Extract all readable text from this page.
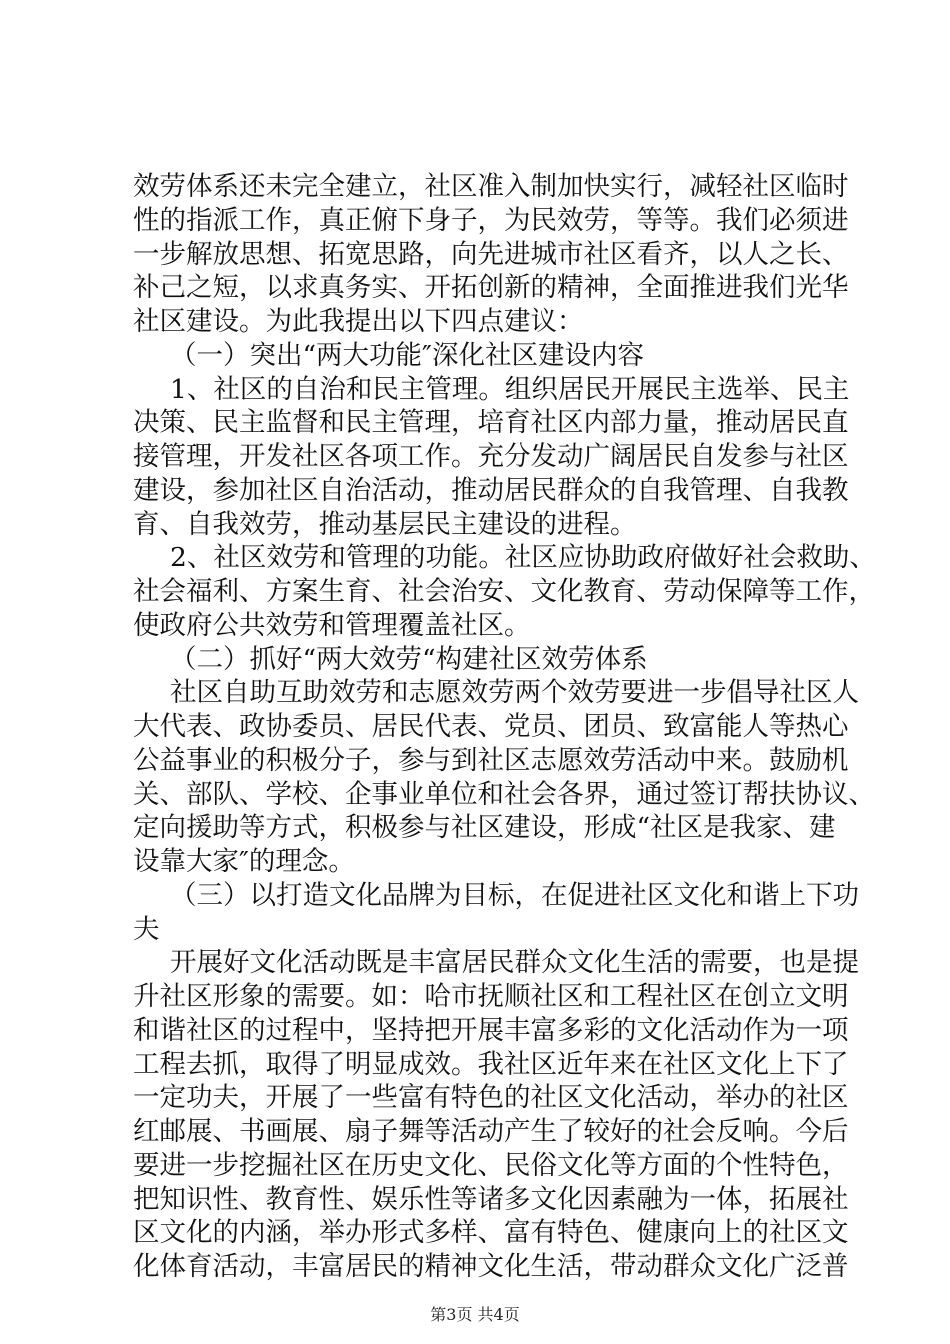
效劳体系还未完全建立，社区准入制加快实行，减轻社区临时
性的指派工作，真正俯下身子，为民效劳，等等。我们必须进
一步解放思想、拓宽思路，向先进城市社区看齐，以人之长、
补己之短，以求真务实、开拓创新的精神，全面推进我们光华
社区建设。为此我提出以下四点建议：
（一）突出“两大功能″深化社区建设内容
1、社区的自治和民主管理。组织居民开展民主选举、民主
决策、民主监督和民主管理，培育社区内部力量，推动居民直
接管理，开发社区各项工作。充分发动广阔居民自发参与社区
建设，参加社区自治活动，推动居民群众的自我管理、自我教
育、自我效劳，推动基层民主建设的进程。
2、社区效劳和管理的功能。社区应协助政府做好社会救助、
社会福利、方案生育、社会治安、文化教育、劳动保障等工作，
使政府公共效劳和管理覆盖社区。
（二）抓好“两大效劳“构建社区效劳体系
社区自助互助效劳和志愿效劳两个效劳要进一步倡导社区人
大代表、政协委员、居民代表、党员、团员、致富能人等热心
公益事业的积极分子，参与到社区志愿效劳活动中来。鼓励机
关、部队、学校、企事业单位和社会各界，通过签订帮扶协议、
定向援助等方式，积极参与社区建设，形成“社区是我家、建
设靠大家″的理念。
（三）以打造文化品牌为目标，在促进社区文化和谐上下功
夫
开展好文化活动既是丰富居民群众文化生活的需要，也是提
升社区形象的需要。如：哈市抚顺社区和工程社区在创立文明
和谐社区的过程中，坚持把开展丰富多彩的文化活动作为一项
工程去抓，取得了明显成效。我社区近年来在社区文化上下了
一定功夫，开展了一些富有特色的社区文化活动，举办的社区
红邮展、书画展、扇子舞等活动产生了较好的社会反响。今后
要进一步挖掘社区在历史文化、民俗文化等方面的个性特色，
把知识性、教育性、娱乐性等诸多文化因素融为一体，拓展社
区文化的内涵，举办形式多样、富有特色、健康向上的社区文
化体育活动，丰富居民的精神文化生活，带动群众文化广泛普
第3页 共4页
